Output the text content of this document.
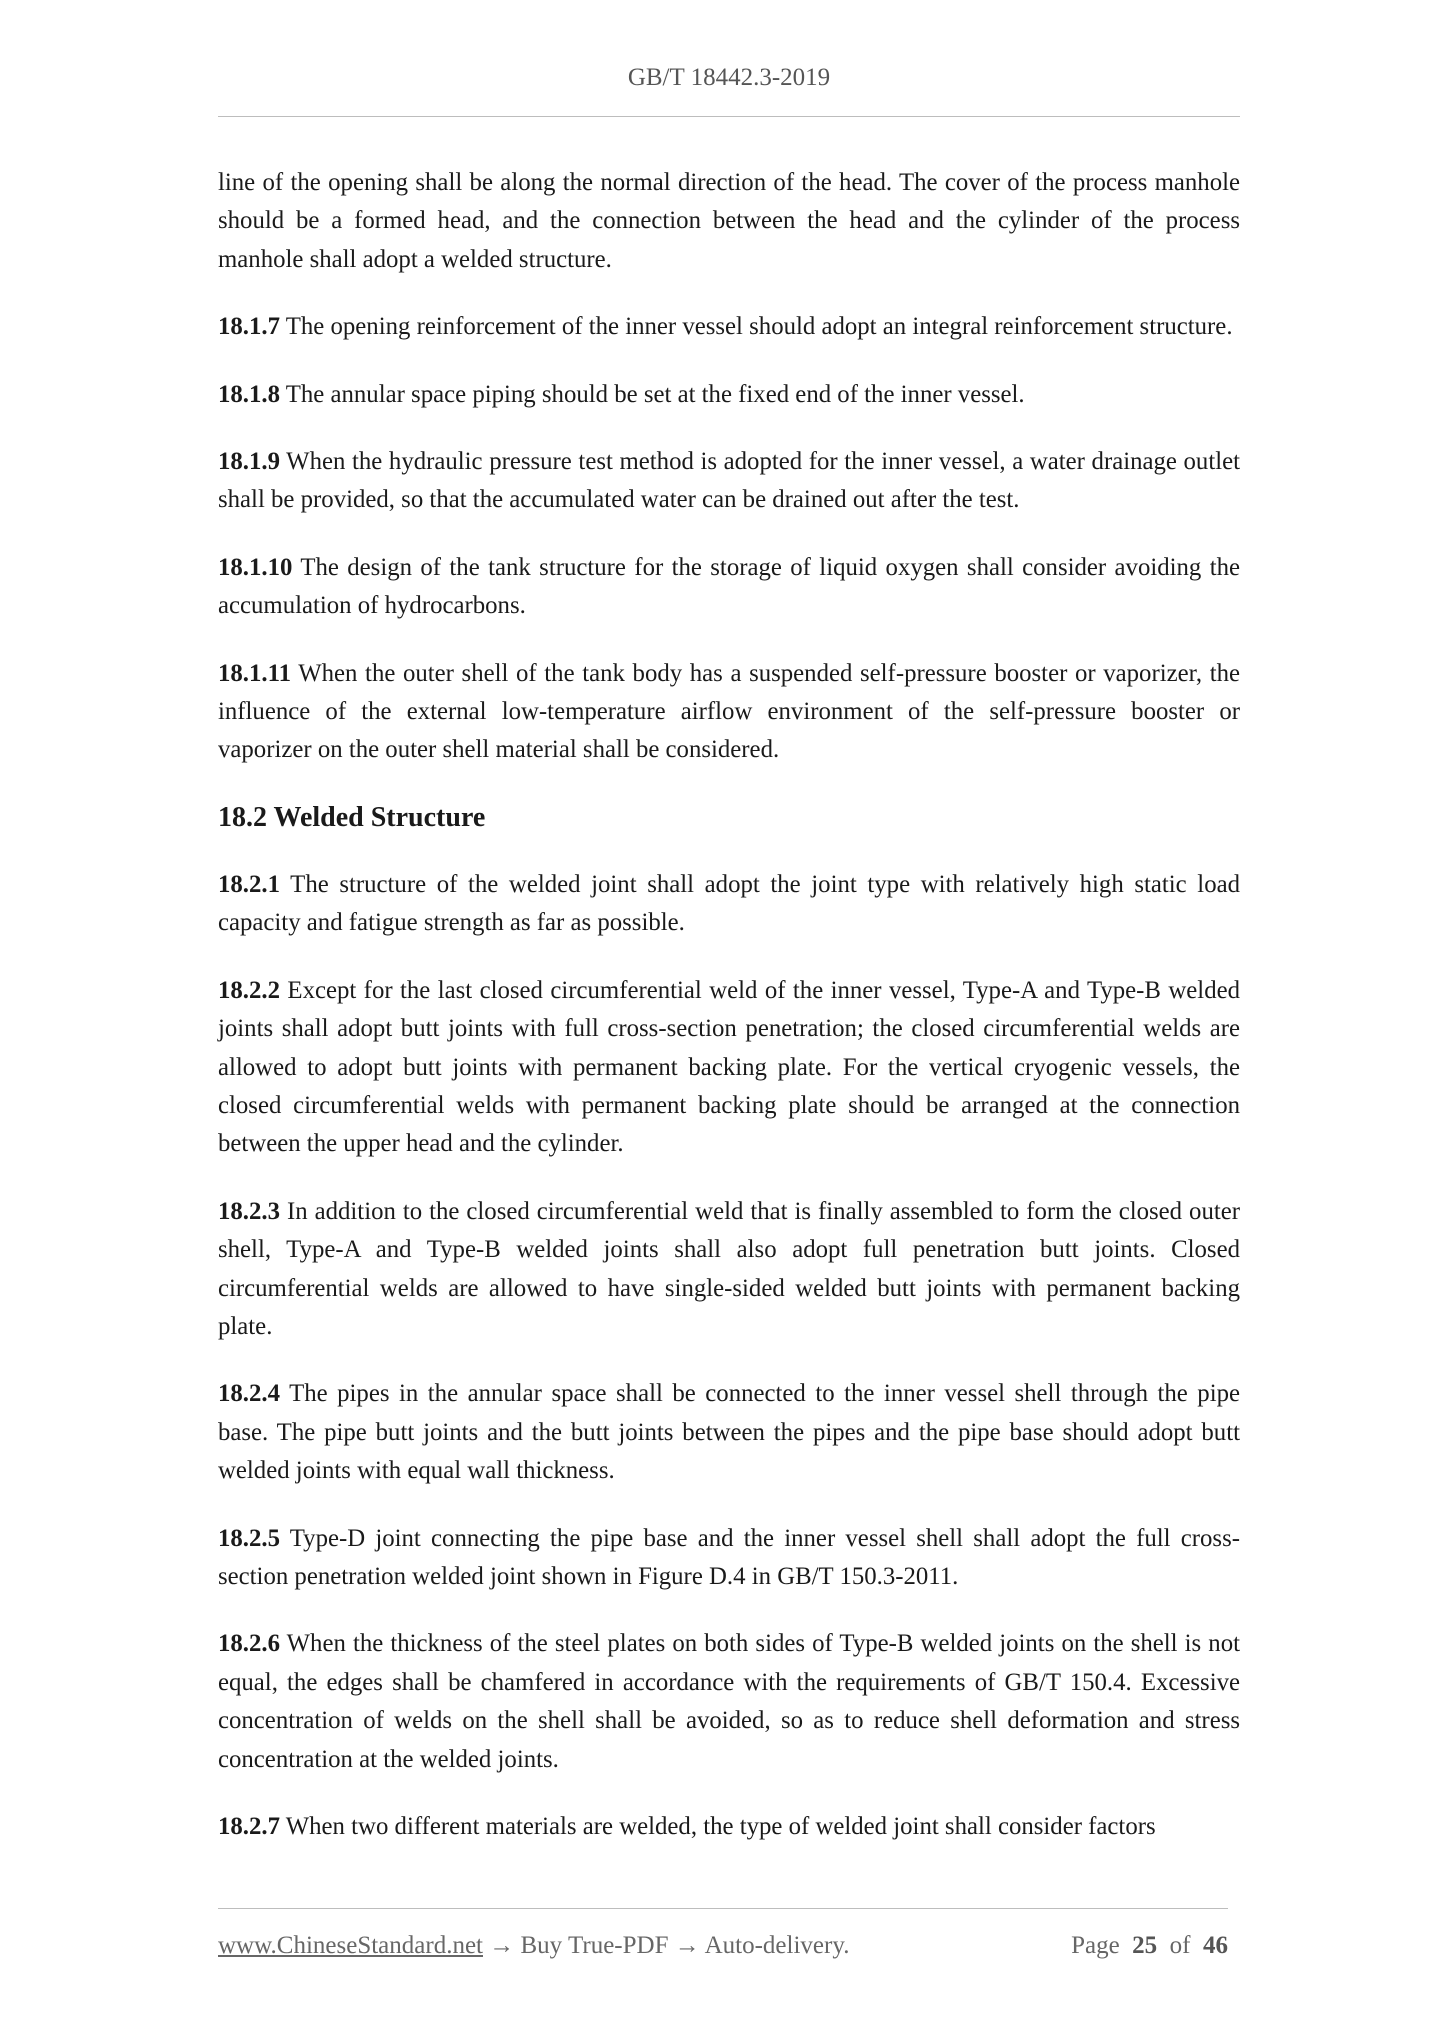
GB/T 18442.3-2019

line of the opening shall be along the normal direction of the head. The cover of the process manhole should be a formed head, and the connection between the head and the cylinder of the process manhole shall adopt a welded structure.

18.1.7 The opening reinforcement of the inner vessel should adopt an integral reinforcement structure.

18.1.8 The annular space piping should be set at the fixed end of the inner vessel.

18.1.9 When the hydraulic pressure test method is adopted for the inner vessel, a water drainage outlet shall be provided, so that the accumulated water can be drained out after the test.

18.1.10 The design of the tank structure for the storage of liquid oxygen shall consider avoiding the accumulation of hydrocarbons.

18.1.11 When the outer shell of the tank body has a suspended self-pressure booster or vaporizer, the influence of the external low-temperature airflow environment of the self-pressure booster or vaporizer on the outer shell material shall be considered.

18.2 Welded Structure

18.2.1 The structure of the welded joint shall adopt the joint type with relatively high static load capacity and fatigue strength as far as possible.

18.2.2 Except for the last closed circumferential weld of the inner vessel, Type-A and Type-B welded joints shall adopt butt joints with full cross-section penetration; the closed circumferential welds are allowed to adopt butt joints with permanent backing plate. For the vertical cryogenic vessels, the closed circumferential welds with permanent backing plate should be arranged at the connection between the upper head and the cylinder.

18.2.3 In addition to the closed circumferential weld that is finally assembled to form the closed outer shell, Type-A and Type-B welded joints shall also adopt full penetration butt joints. Closed circumferential welds are allowed to have single-sided welded butt joints with permanent backing plate.

18.2.4 The pipes in the annular space shall be connected to the inner vessel shell through the pipe base. The pipe butt joints and the butt joints between the pipes and the pipe base should adopt butt welded joints with equal wall thickness.

18.2.5 Type-D joint connecting the pipe base and the inner vessel shell shall adopt the full cross-section penetration welded joint shown in Figure D.4 in GB/T 150.3-2011.

18.2.6 When the thickness of the steel plates on both sides of Type-B welded joints on the shell is not equal, the edges shall be chamfered in accordance with the requirements of GB/T 150.4. Excessive concentration of welds on the shell shall be avoided, so as to reduce shell deformation and stress concentration at the welded joints.

18.2.7 When two different materials are welded, the type of welded joint shall consider factors

www.ChineseStandard.net → Buy True-PDF → Auto-delivery.	Page 25 of 46
